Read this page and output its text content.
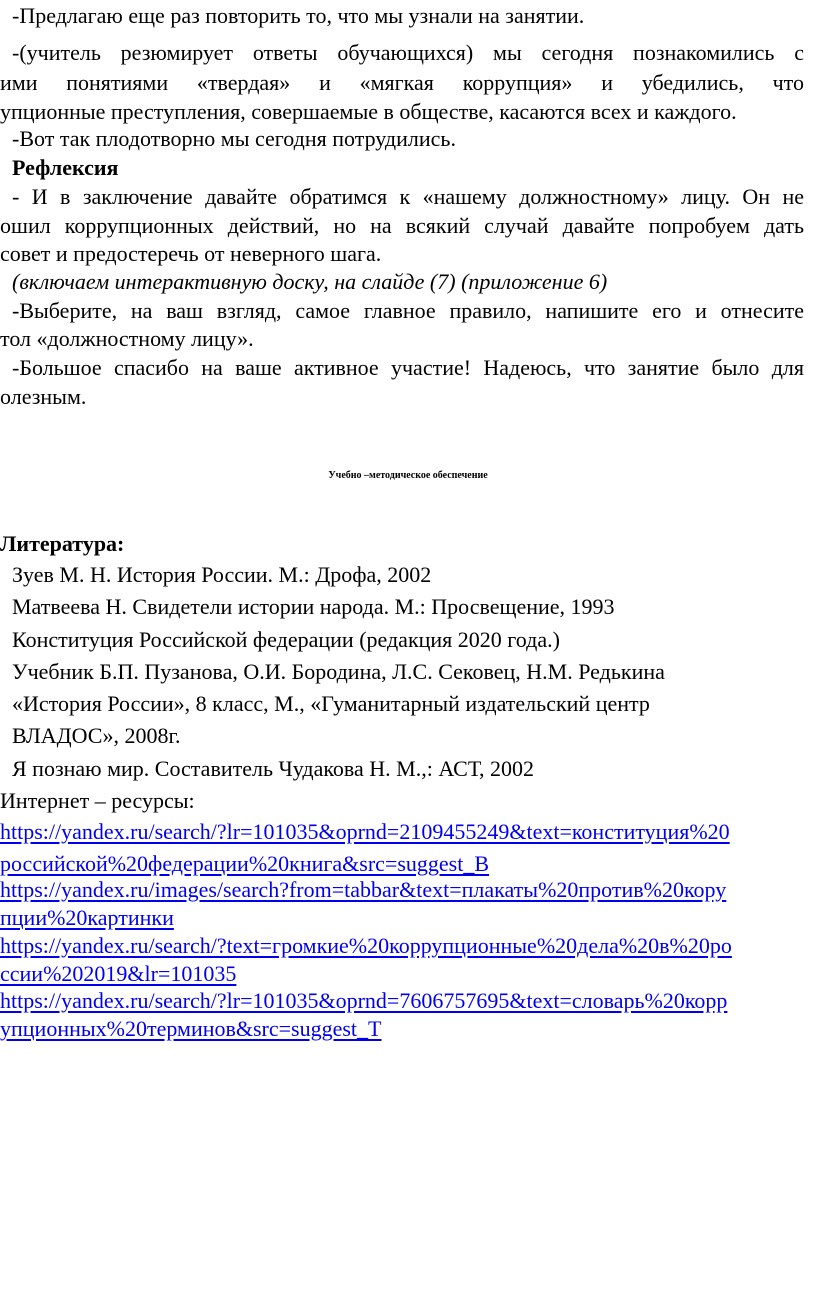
-Предлагаю еще раз повторить то, что мы узнали на занятии.
-(учитель резюмирует ответы обучающихся) мы сегодня познакомились с
ими понятиями «твердая» и «мягкая коррупция» и убедились, что
упционные преступления, совершаемые в обществе, касаются всех и каждого.
-Вот так плодотворно мы сегодня потрудились.
Рефлексия
- И в заключение давайте обратимся к «нашему должностному» лицу. Он не
ошил коррупционных действий, но на всякий случай давайте попробуем дать
совет и предостеречь от неверного шага.
(включаем интерактивную доску, на слайде (7) (приложение 6)
-Выберите, на ваш взгляд, самое главное правило, напишите его и отнесите
тол «должностному лицу».
-Большое спасибо на ваше активное участие! Надеюсь, что занятие было для
олезным.
Учебно –методическое обеспечение
Литература:
Зуев М. Н. История России. М.: Дрофа, 2002
Матвеева Н. Свидетели истории народа. М.: Просвещение, 1993
Конституция Российской федерации (редакция 2020 года.)
Учебник Б.П. Пузанова, О.И. Бородина, Л.С. Сековец, Н.М. Редькина
«История России», 8 класс, М., «Гуманитарный издательский центр
ВЛАДОС», 2008г.
Я познаю мир. Составитель Чудакова Н. М.,: АСТ, 2002
Интернет – ресурсы:
https://yandex.ru/search/?lr=101035&oprnd=2109455249&text=конституция%20
российской%20федерации%20книга&src=suggest_B
https://yandex.ru/images/search?from=tabbar&text=плакаты%20против%20кору
пции%20картинки
https://yandex.ru/search/?text=громкие%20коррупционные%20дела%20в%20ро
ссии%202019&lr=101035
https://yandex.ru/search/?lr=101035&oprnd=7606757695&text=словарь%20корр
упционных%20терминов&src=suggest_T
